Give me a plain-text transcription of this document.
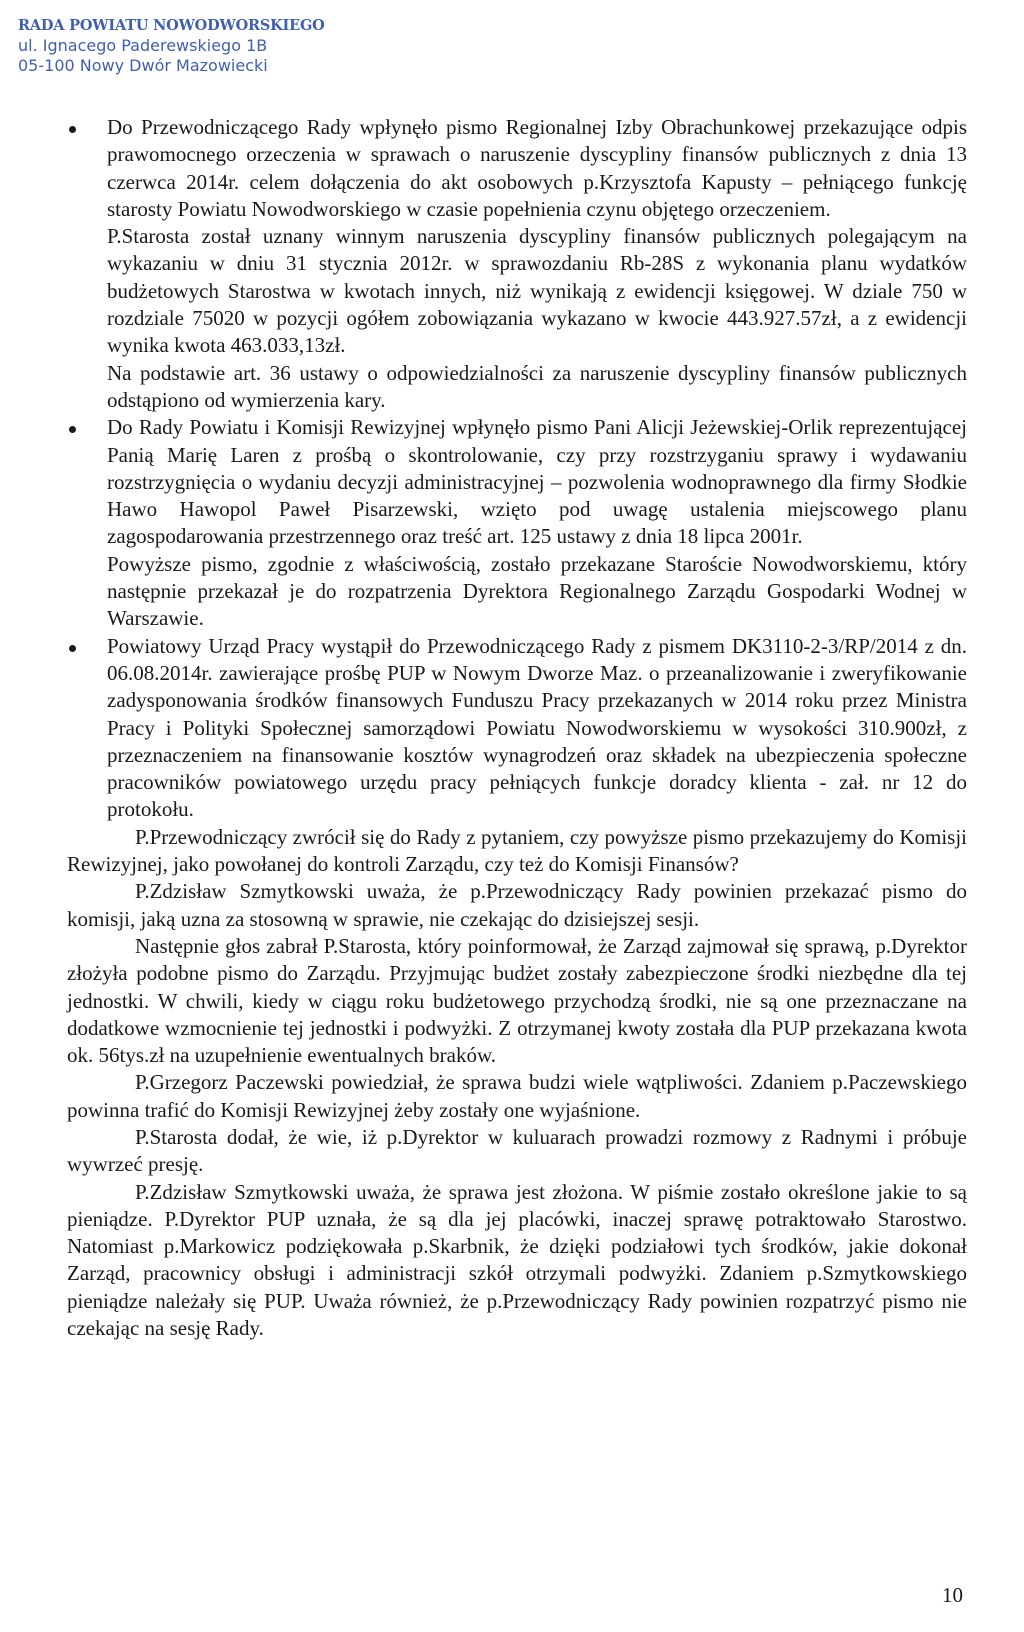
RADA POWIATU NOWODWORSKIEGO
ul. Ignacego Paderewskiego 1B
05-100 Nowy Dwór Mazowiecki

Do Przewodniczącego Rady wpłynęło pismo Regionalnej Izby Obrachunkowej przekazujące odpis prawomocnego orzeczenia w sprawach o naruszenie dyscypliny finansów publicznych z dnia 13 czerwca 2014r. celem dołączenia do akt osobowych p.Krzysztofa Kapusty – pełniącego funkcję starosty Powiatu Nowodworskiego w czasie popełnienia czynu objętego orzeczeniem.

P.Starosta został uznany winnym naruszenia dyscypliny finansów publicznych polegającym na wykazaniu w dniu 31 stycznia 2012r. w sprawozdaniu Rb-28S z wykonania planu wydatków budżetowych Starostwa w kwotach innych, niż wynikają z ewidencji księgowej. W dziale 750 w rozdziale 75020 w pozycji ogółem zobowiązania wykazano w kwocie 443.927.57zł, a z ewidencji wynika kwota 463.033,13zł.

Na podstawie art. 36 ustawy o odpowiedzialności za naruszenie dyscypliny finansów publicznych odstąpiono od wymierzenia kary.

Do Rady Powiatu i Komisji Rewizyjnej wpłynęło pismo Pani Alicji Jeżewskiej-Orlik reprezentującej Panią Marię Laren z prośbą o skontrolowanie, czy przy rozstrzyganiu sprawy i wydawaniu rozstrzygnięcia o wydaniu decyzji administracyjnej – pozwolenia wodnoprawnego dla firmy Słodkie Hawo Hawopol Paweł Pisarzewski, wzięto pod uwagę ustalenia miejscowego planu zagospodarowania przestrzennego oraz treść art. 125 ustawy z dnia 18 lipca 2001r.

Powyższe pismo, zgodnie z właściwością, zostało przekazane Staroście Nowodworskiemu, który następnie przekazał je do rozpatrzenia Dyrektora Regionalnego Zarządu Gospodarki Wodnej w Warszawie.

Powiatowy Urząd Pracy wystąpił do Przewodniczącego Rady z pismem DK3110-2-3/RP/2014 z dn. 06.08.2014r. zawierające prośbę PUP w Nowym Dworze Maz. o przeanalizowanie i zweryfikowanie zadysponowania środków finansowych Funduszu Pracy przekazanych w 2014 roku przez Ministra Pracy i Polityki Społecznej samorządowi Powiatu Nowodworskiemu w wysokości 310.900zł, z przeznaczeniem na finansowanie kosztów wynagrodzeń oraz składek na ubezpieczenia społeczne pracowników powiatowego urzędu pracy pełniących funkcje doradcy klienta - zał. nr 12 do protokołu.

P.Przewodniczący zwrócił się do Rady z pytaniem, czy powyższe pismo przekazujemy do Komisji Rewizyjnej, jako powołanej do kontroli Zarządu, czy też do Komisji Finansów?

P.Zdzisław Szmytkowski uważa, że p.Przewodniczący Rady powinien przekazać pismo do komisji, jaką uzna za stosowną w sprawie, nie czekając do dzisiejszej sesji.

Następnie głos zabrał P.Starosta, który poinformował, że Zarząd zajmował się sprawą, p.Dyrektor złożyła podobne pismo do Zarządu. Przyjmując budżet zostały zabezpieczone środki niezbędne dla tej jednostki. W chwili, kiedy w ciągu roku budżetowego przychodzą środki, nie są one przeznaczane na dodatkowe wzmocnienie tej jednostki i podwyżki. Z otrzymanej kwoty została dla PUP przekazana kwota ok. 56tys.zł na uzupełnienie ewentualnych braków.

P.Grzegorz Paczewski powiedział, że sprawa budzi wiele wątpliwości. Zdaniem p.Paczewskiego powinna trafić do Komisji Rewizyjnej żeby zostały one wyjaśnione.

P.Starosta dodał, że wie, iż p.Dyrektor w kuluarach prowadzi rozmowy z Radnymi i próbuje wywrzeć presję.

P.Zdzisław Szmytkowski uważa, że sprawa jest złożona. W piśmie zostało określone jakie to są pieniądze. P.Dyrektor PUP uznała, że są dla jej placówki, inaczej sprawę potraktowało Starostwo. Natomiast p.Markowicz podziękowała p.Skarbnik, że dzięki podziałowi tych środków, jakie dokonał Zarząd, pracownicy obsługi i administracji szkół otrzymali podwyżki. Zdaniem p.Szmytkowskiego pieniądze należały się PUP. Uważa również, że p.Przewodniczący Rady powinien rozpatrzyć pismo nie czekając na sesję Rady.

10
